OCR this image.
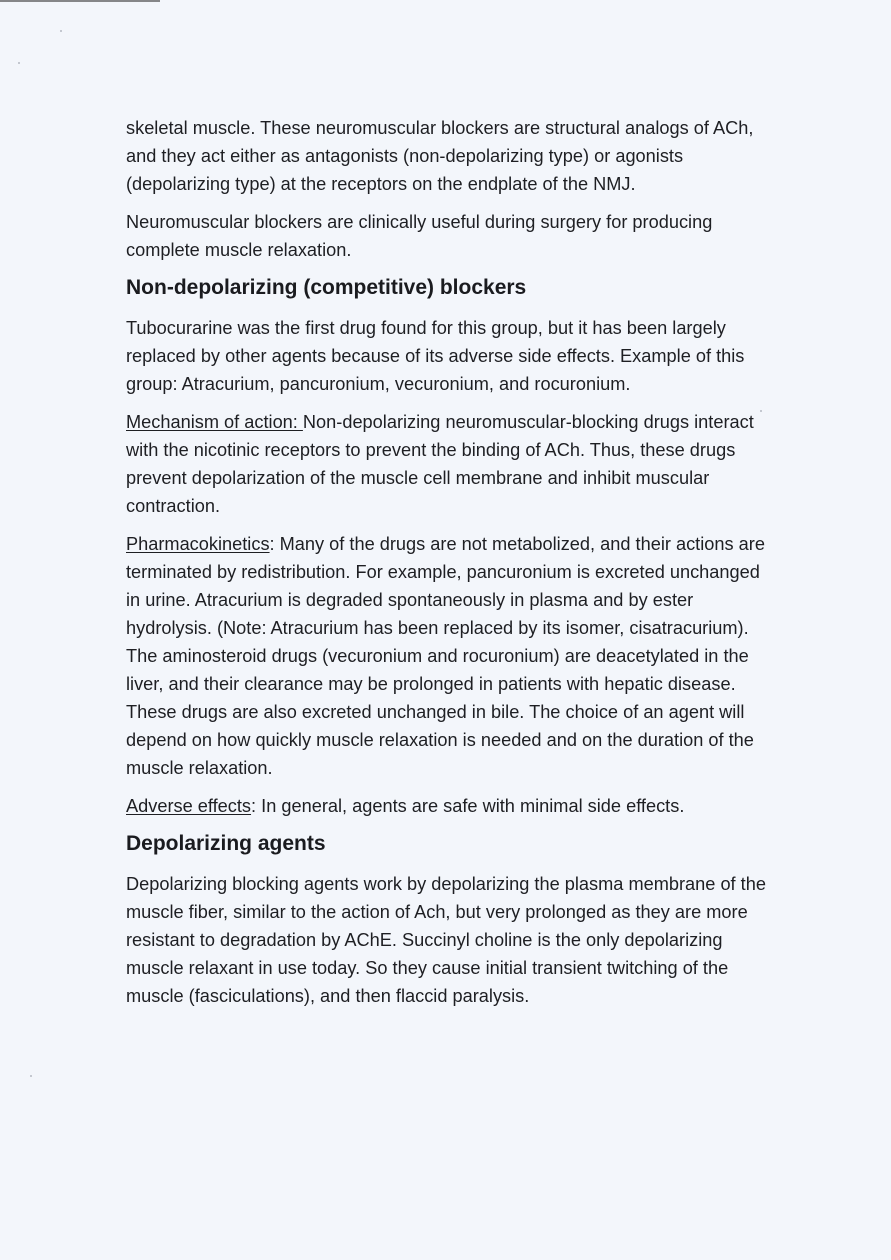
skeletal muscle. These neuromuscular blockers are structural analogs of ACh, and they act either as antagonists (non-depolarizing type) or agonists (depolarizing type) at the receptors on the endplate of the NMJ.

Neuromuscular blockers are clinically useful during surgery for producing complete muscle relaxation.

Non-depolarizing (competitive) blockers

Tubocurarine was the first drug found for this group, but it has been largely replaced by other agents because of its adverse side effects. Example of this group: Atracurium, pancuronium, vecuronium, and rocuronium.

Mechanism of action: Non-depolarizing neuromuscular-blocking drugs interact with the nicotinic receptors to prevent the binding of ACh. Thus, these drugs prevent depolarization of the muscle cell membrane and inhibit muscular contraction.

Pharmacokinetics: Many of the drugs are not metabolized, and their actions are terminated by redistribution. For example, pancuronium is excreted unchanged in urine. Atracurium is degraded spontaneously in plasma and by ester hydrolysis. (Note: Atracurium has been replaced by its isomer, cisatracurium). The aminosteroid drugs (vecuronium and rocuronium) are deacetylated in the liver, and their clearance may be prolonged in patients with hepatic disease. These drugs are also excreted unchanged in bile. The choice of an agent will depend on how quickly muscle relaxation is needed and on the duration of the muscle relaxation.

Adverse effects: In general, agents are safe with minimal side effects.

Depolarizing agents

Depolarizing blocking agents work by depolarizing the plasma membrane of the muscle fiber, similar to the action of Ach, but very prolonged as they are more resistant to degradation by AChE. Succinyl choline is the only depolarizing muscle relaxant in use today. So they cause initial transient twitching of the muscle (fasciculations), and then flaccid paralysis.
